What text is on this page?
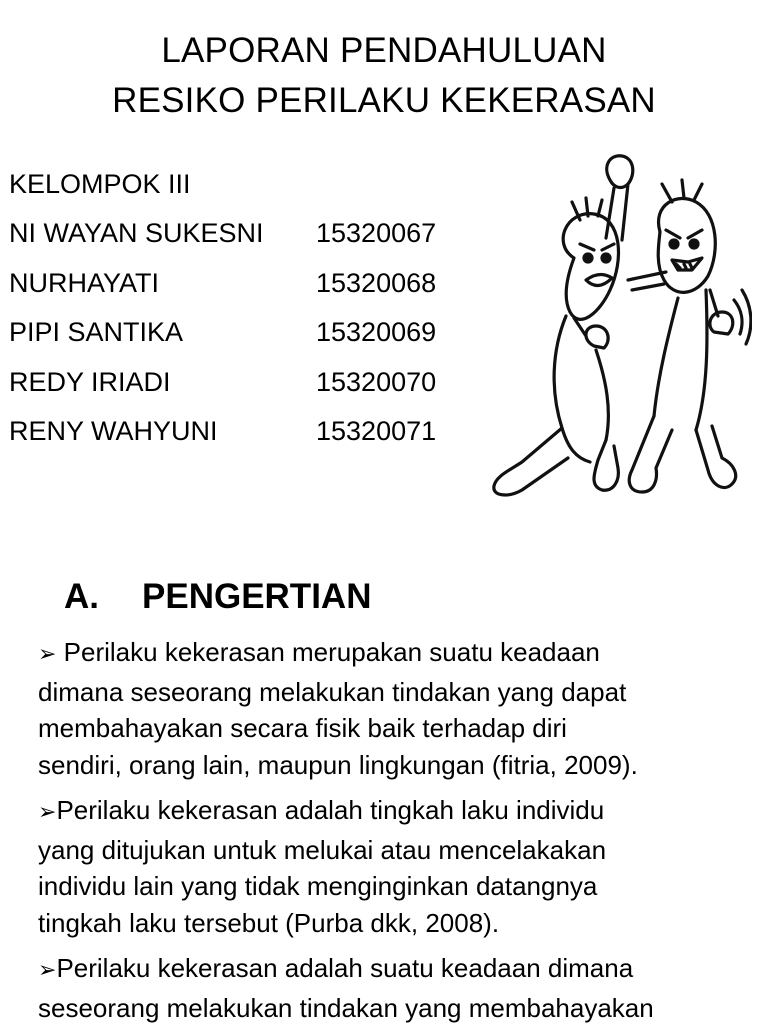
LAPORAN PENDAHULUAN
RESIKO PERILAKU KEKERASAN
KELOMPOK III
NI WAYAN SUKESNI	15320067
NURHAYATI	15320068
PIPI SANTIKA	15320069
REDY IRIADI	15320070
RENY WAHYUNI	15320071
A. PENGERTIAN
➢ Perilaku kekerasan merupakan suatu keadaan
dimana seseorang melakukan tindakan yang dapat
membahayakan secara fisik baik terhadap diri
sendiri, orang lain, maupun lingkungan (fitria, 2009).
➢Perilaku kekerasan adalah tingkah laku individu
yang ditujukan untuk melukai atau mencelakakan
individu lain yang tidak menginginkan datangnya
tingkah laku tersebut (Purba dkk, 2008).
➢Perilaku kekerasan adalah suatu keadaan dimana
seseorang melakukan tindakan yang membahayakan
